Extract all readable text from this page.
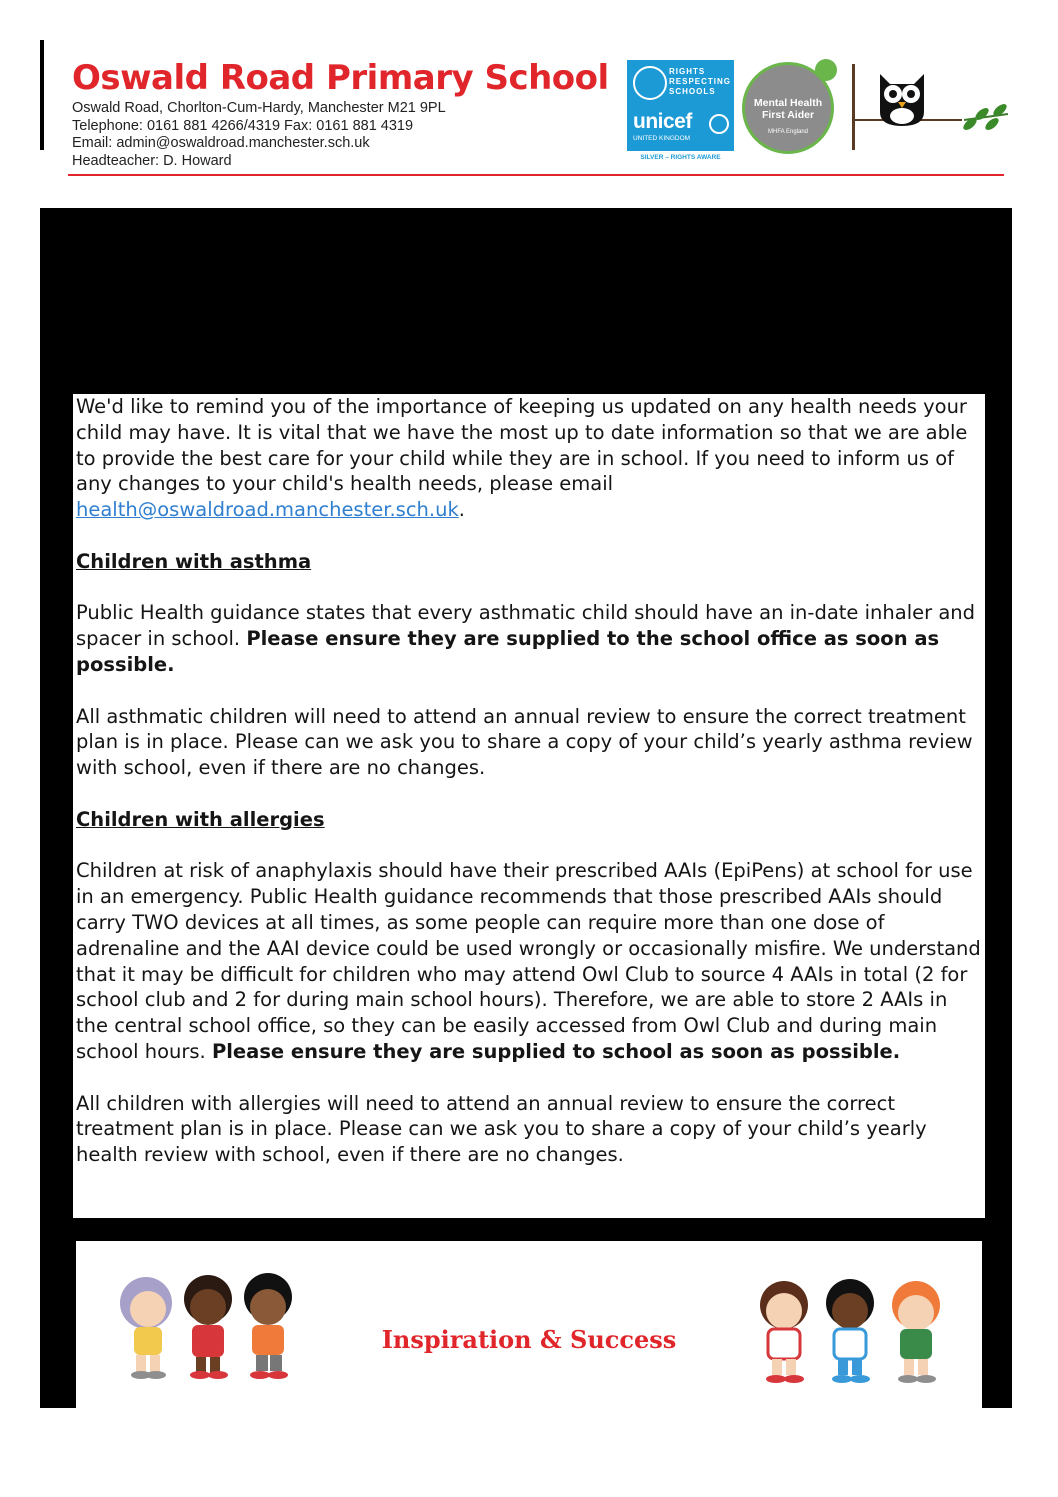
Oswald Road Primary School
Oswald Road, Chorlton-Cum-Hardy, Manchester M21 9PL
Telephone: 0161 881 4266/4319 Fax: 0161 881 4319
Email: admin@oswaldroad.manchester.sch.uk
Headteacher: D. Howard
RIGHTS RESPECTING SCHOOLS
unicef
UNITED KINGDOM
SILVER – RIGHTS AWARE
Mental Health First Aider
MHFA England

We'd like to remind you of the importance of keeping us updated on any health needs your child may have. It is vital that we have the most up to date information so that we are able to provide the best care for your child while they are in school. If you need to inform us of any changes to your child's health needs, please email health@oswaldroad.manchester.sch.uk.

Children with asthma

Public Health guidance states that every asthmatic child should have an in-date inhaler and spacer in school. Please ensure they are supplied to the school office as soon as possible.

All asthmatic children will need to attend an annual review to ensure the correct treatment plan is in place. Please can we ask you to share a copy of your child’s yearly asthma review with school, even if there are no changes.

Children with allergies

Children at risk of anaphylaxis should have their prescribed AAIs (EpiPens) at school for use in an emergency. Public Health guidance recommends that those prescribed AAIs should carry TWO devices at all times, as some people can require more than one dose of adrenaline and the AAI device could be used wrongly or occasionally misfire. We understand that it may be difficult for children who may attend Owl Club to source 4 AAIs in total (2 for school club and 2 for during main school hours). Therefore, we are able to store 2 AAIs in the central school office, so they can be easily accessed from Owl Club and during main school hours. Please ensure they are supplied to school as soon as possible.

All children with allergies will need to attend an annual review to ensure the correct treatment plan is in place. Please can we ask you to share a copy of your child’s yearly health review with school, even if there are no changes.

Inspiration & Success
